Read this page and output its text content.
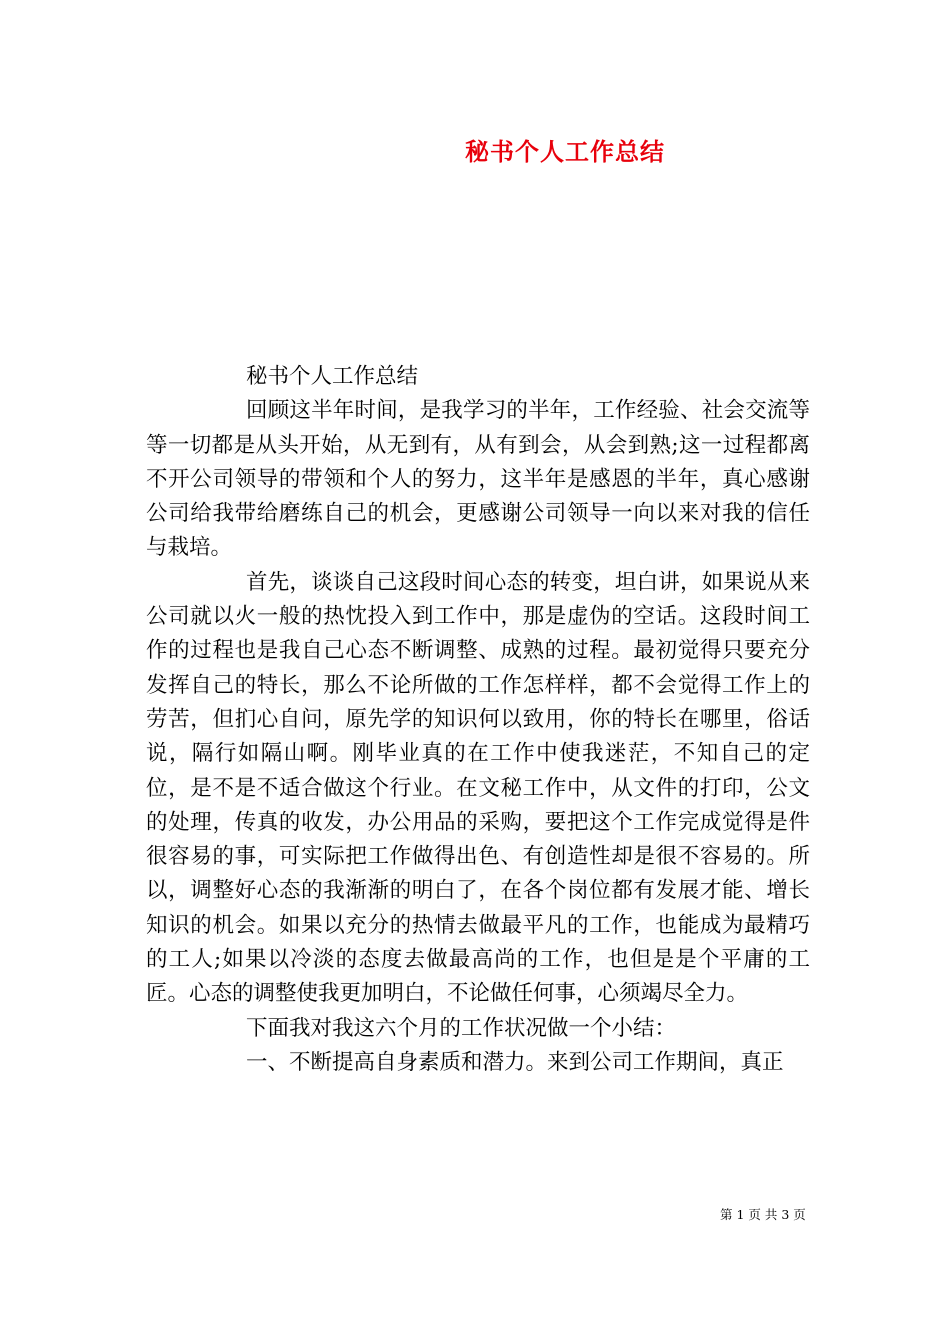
秘书个人工作总结

秘书个人工作总结

回顾这半年时间，是我学习的半年，工作经验、社会交流等等一切都是从头开始，从无到有，从有到会，从会到熟;这一过程都离不开公司领导的带领和个人的努力，这半年是感恩的半年，真心感谢公司给我带给磨练自己的机会，更感谢公司领导一向以来对我的信任与栽培。

首先，谈谈自己这段时间心态的转变，坦白讲，如果说从来公司就以火一般的热忱投入到工作中，那是虚伪的空话。这段时间工作的过程也是我自己心态不断调整、成熟的过程。最初觉得只要充分发挥自己的特长，那么不论所做的工作怎样样，都不会觉得工作上的劳苦，但扪心自问，原先学的知识何以致用，你的特长在哪里，俗话说，隔行如隔山啊。刚毕业真的在工作中使我迷茫，不知自己的定位，是不是不适合做这个行业。在文秘工作中，从文件的打印，公文的处理，传真的收发，办公用品的采购，要把这个工作完成觉得是件很容易的事，可实际把工作做得出色、有创造性却是很不容易的。所以，调整好心态的我渐渐的明白了，在各个岗位都有发展才能、增长知识的机会。如果以充分的热情去做最平凡的工作，也能成为最精巧的工人;如果以冷淡的态度去做最高尚的工作，也但是是个平庸的工匠。心态的调整使我更加明白，不论做任何事，心须竭尽全力。

下面我对我这六个月的工作状况做一个小结：

一、不断提高自身素质和潜力。来到公司工作期间，真正

第 1 页 共 3 页
